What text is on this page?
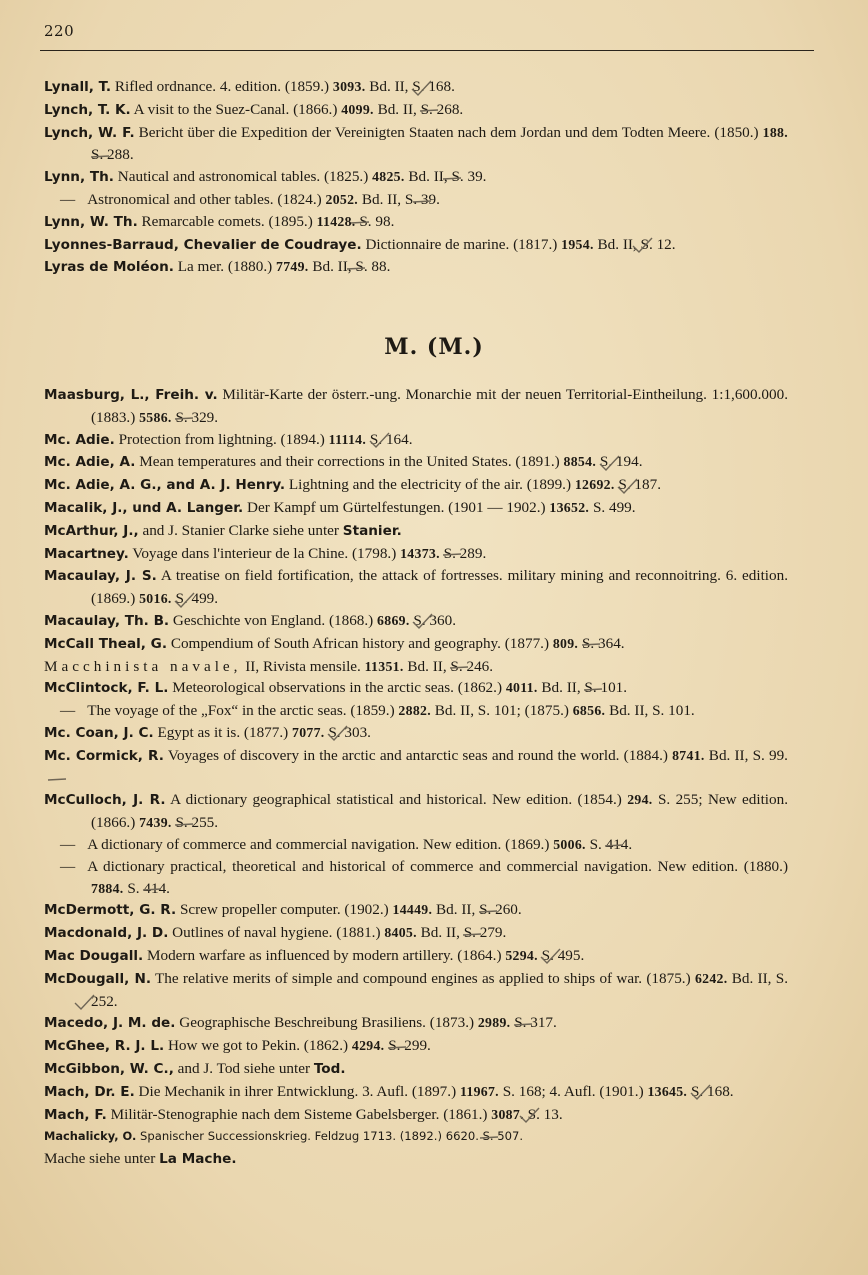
220

Lynall, T. Rifled ordnance. 4. edition. (1859.) 3093. Bd. II, S. 168.

Lynch, T. K. A visit to the Suez-Canal. (1866.) 4099. Bd. II, S. 268.

Lynch, W. F. Bericht über die Expedition der Vereinigten Staaten nach dem Jordan und dem Todten Meere. (1850.) 188. S. 288.

Lynn, Th. Nautical and astronomical tables. (1825.) 4825. Bd. II, S. 39.

— Astronomical and other tables. (1824.) 2052. Bd. II, S. 39.

Lynn, W. Th. Remarcable comets. (1895.) 11428. S. 98.

Lyonnes-Barraud, Chevalier de Coudraye. Dictionnaire de marine. (1817.) 1954. Bd. II, S. 12.

Lyras de Moléon. La mer. (1880.) 7749. Bd. II, S. 88.

M. (M.)

Maasburg, L., Freih. v. Militär-Karte der österr.-ung. Monarchie mit der neuen Territorial-Eintheilung. 1:1,600.000. (1883.) 5586. S. 329.

Mc. Adie. Protection from lightning. (1894.) 11114. S. 164.

Mc. Adie, A. Mean temperatures and their corrections in the United States. (1891.) 8854. S. 194.

Mc. Adie, A. G., and A. J. Henry. Lightning and the electricity of the air. (1899.) 12692. S. 187.

Macalik, J., und A. Langer. Der Kampf um Gürtelfestungen. (1901 — 1902.) 13652. S. 499.

McArthur, J., and J. Stanier Clarke siehe unter Stanier.

Macartney. Voyage dans l'interieur de la Chine. (1798.) 14373. S. 289.

Macaulay, J. S. A treatise on field fortification, the attack of fortresses. military mining and reconnoitring. 6. edition. (1869.) 5016. S. 499.

Macaulay, Th. B. Geschichte von England. (1868.) 6869. S. 360.

McCall Theal, G. Compendium of South African history and geography. (1877.) 809. S. 364.

Macchinista navale, II, Rivista mensile. 11351. Bd. II, S. 246.

McClintock, F. L. Meteorological observations in the arctic seas. (1862.) 4011. Bd. II, S. 101.

— The voyage of the „Fox“ in the arctic seas. (1859.) 2882. Bd. II, S. 101; (1875.) 6856. Bd. II, S. 101.

Mc. Coan, J. C. Egypt as it is. (1877.) 7077. S. 303.

Mc. Cormick, R. Voyages of discovery in the arctic and antarctic seas and round the world. (1884.) 8741. Bd. II, S. 99.

McCulloch, J. R. A dictionary geographical statistical and historical. New edition. (1854.) 294. S. 255; New edition. (1866.) 7439. S. 255.

— A dictionary of commerce and commercial navigation. New edition. (1869.) 5006. S. 414.

— A dictionary practical, theoretical and historical of commerce and commercial navigation. New edition. (1880.) 7884. S. 414.

McDermott, G. R. Screw propeller computer. (1902.) 14449. Bd. II, S. 260.

Macdonald, J. D. Outlines of naval hygiene. (1881.) 8405. Bd. II, S. 279.

Mac Dougall. Modern warfare as influenced by modern artillery. (1864.) 5294. S. 495.

McDougall, N. The relative merits of simple and compound engines as applied to ships of war. (1875.) 6242. Bd. II, S. 252.

Macedo, J. M. de. Geographische Beschreibung Brasiliens. (1873.) 2989. S. 317.

McGhee, R. J. L. How we got to Pekin. (1862.) 4294. S. 299.

McGibbon, W. C., and J. Tod siehe unter Tod.

Mach, Dr. E. Die Mechanik in ihrer Entwicklung. 3. Aufl. (1897.) 11967. S. 168; 4. Aufl. (1901.) 13645. S. 168.

Mach, F. Militär-Stenographie nach dem Sisteme Gabelsberger. (1861.) 3087. S. 13.

Machalicky, O. Spanischer Successionskrieg. Feldzug 1713. (1892.) 6620. S. 507.

Mache siehe unter La Mache.
